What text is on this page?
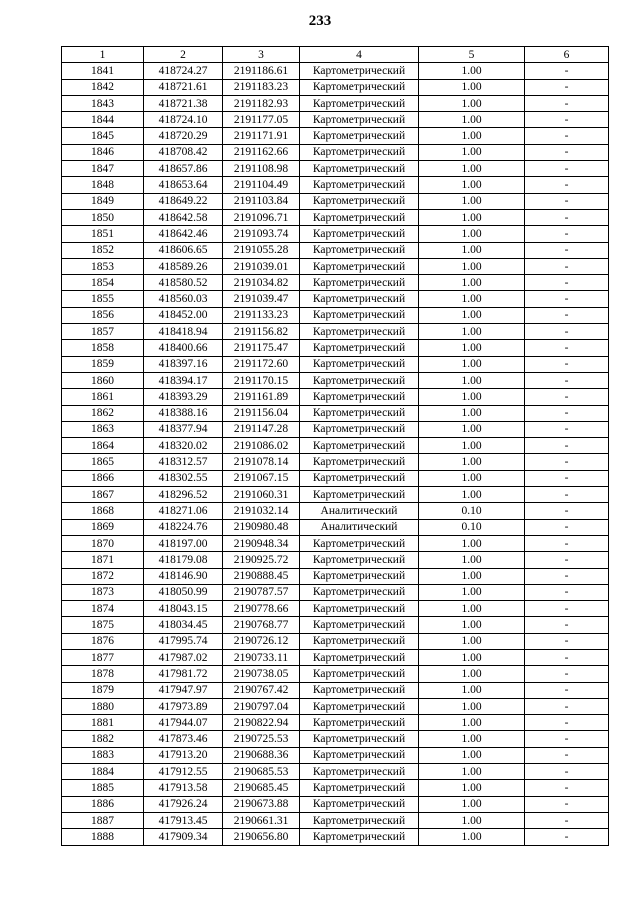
233
1	2	3	4	5	6
1841	418724.27	2191186.61	Картометрический	1.00	-
1842	418721.61	2191183.23	Картометрический	1.00	-
1843	418721.38	2191182.93	Картометрический	1.00	-
1844	418724.10	2191177.05	Картометрический	1.00	-
1845	418720.29	2191171.91	Картометрический	1.00	-
1846	418708.42	2191162.66	Картометрический	1.00	-
1847	418657.86	2191108.98	Картометрический	1.00	-
1848	418653.64	2191104.49	Картометрический	1.00	-
1849	418649.22	2191103.84	Картометрический	1.00	-
1850	418642.58	2191096.71	Картометрический	1.00	-
1851	418642.46	2191093.74	Картометрический	1.00	-
1852	418606.65	2191055.28	Картометрический	1.00	-
1853	418589.26	2191039.01	Картометрический	1.00	-
1854	418580.52	2191034.82	Картометрический	1.00	-
1855	418560.03	2191039.47	Картометрический	1.00	-
1856	418452.00	2191133.23	Картометрический	1.00	-
1857	418418.94	2191156.82	Картометрический	1.00	-
1858	418400.66	2191175.47	Картометрический	1.00	-
1859	418397.16	2191172.60	Картометрический	1.00	-
1860	418394.17	2191170.15	Картометрический	1.00	-
1861	418393.29	2191161.89	Картометрический	1.00	-
1862	418388.16	2191156.04	Картометрический	1.00	-
1863	418377.94	2191147.28	Картометрический	1.00	-
1864	418320.02	2191086.02	Картометрический	1.00	-
1865	418312.57	2191078.14	Картометрический	1.00	-
1866	418302.55	2191067.15	Картометрический	1.00	-
1867	418296.52	2191060.31	Картометрический	1.00	-
1868	418271.06	2191032.14	Аналитический	0.10	-
1869	418224.76	2190980.48	Аналитический	0.10	-
1870	418197.00	2190948.34	Картометрический	1.00	-
1871	418179.08	2190925.72	Картометрический	1.00	-
1872	418146.90	2190888.45	Картометрический	1.00	-
1873	418050.99	2190787.57	Картометрический	1.00	-
1874	418043.15	2190778.66	Картометрический	1.00	-
1875	418034.45	2190768.77	Картометрический	1.00	-
1876	417995.74	2190726.12	Картометрический	1.00	-
1877	417987.02	2190733.11	Картометрический	1.00	-
1878	417981.72	2190738.05	Картометрический	1.00	-
1879	417947.97	2190767.42	Картометрический	1.00	-
1880	417973.89	2190797.04	Картометрический	1.00	-
1881	417944.07	2190822.94	Картометрический	1.00	-
1882	417873.46	2190725.53	Картометрический	1.00	-
1883	417913.20	2190688.36	Картометрический	1.00	-
1884	417912.55	2190685.53	Картометрический	1.00	-
1885	417913.58	2190685.45	Картометрический	1.00	-
1886	417926.24	2190673.88	Картометрический	1.00	-
1887	417913.45	2190661.31	Картометрический	1.00	-
1888	417909.34	2190656.80	Картометрический	1.00	-
